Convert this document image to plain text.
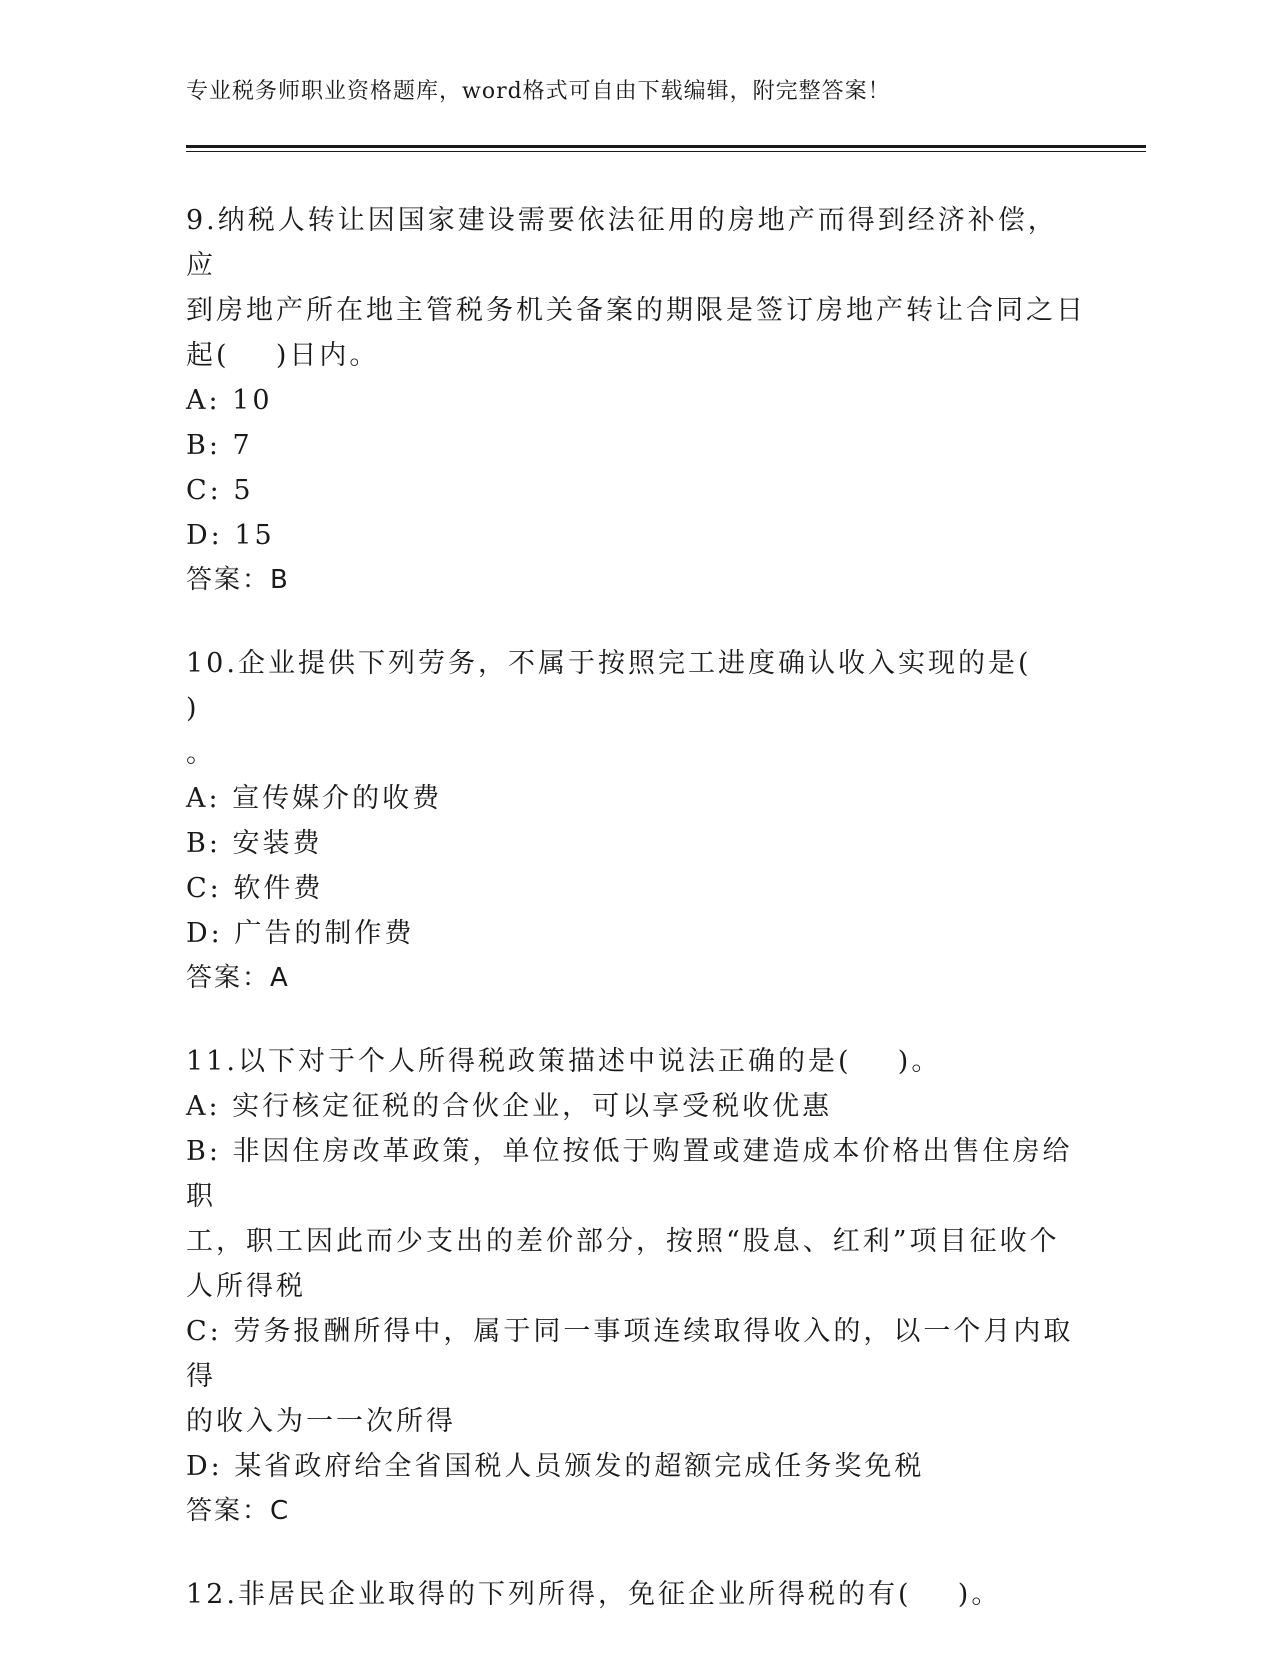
专业税务师职业资格题库，word格式可自由下载编辑，附完整答案！
9.纳税人转让因国家建设需要依法征用的房地产而得到经济补偿，应
到房地产所在地主管税务机关备案的期限是签订房地产转让合同之日
起(    )日内。
A: 10
B: 7
C: 5
D: 15
答案：B
10.企业提供下列劳务，不属于按照完工进度确认收入实现的是(    )
。
A: 宣传媒介的收费
B: 安装费
C: 软件费
D: 广告的制作费
答案：A
11.以下对于个人所得税政策描述中说法正确的是(    )。
A: 实行核定征税的合伙企业，可以享受税收优惠
B: 非因住房改革政策，单位按低于购置或建造成本价格出售住房给职
工，职工因此而少支出的差价部分，按照“股息、红利”项目征收个
人所得税
C: 劳务报酬所得中，属于同一事项连续取得收入的，以一个月内取得
的收入为一一次所得
D: 某省政府给全省国税人员颁发的超额完成任务奖免税
答案：C
12.非居民企业取得的下列所得，免征企业所得税的有(    )。
